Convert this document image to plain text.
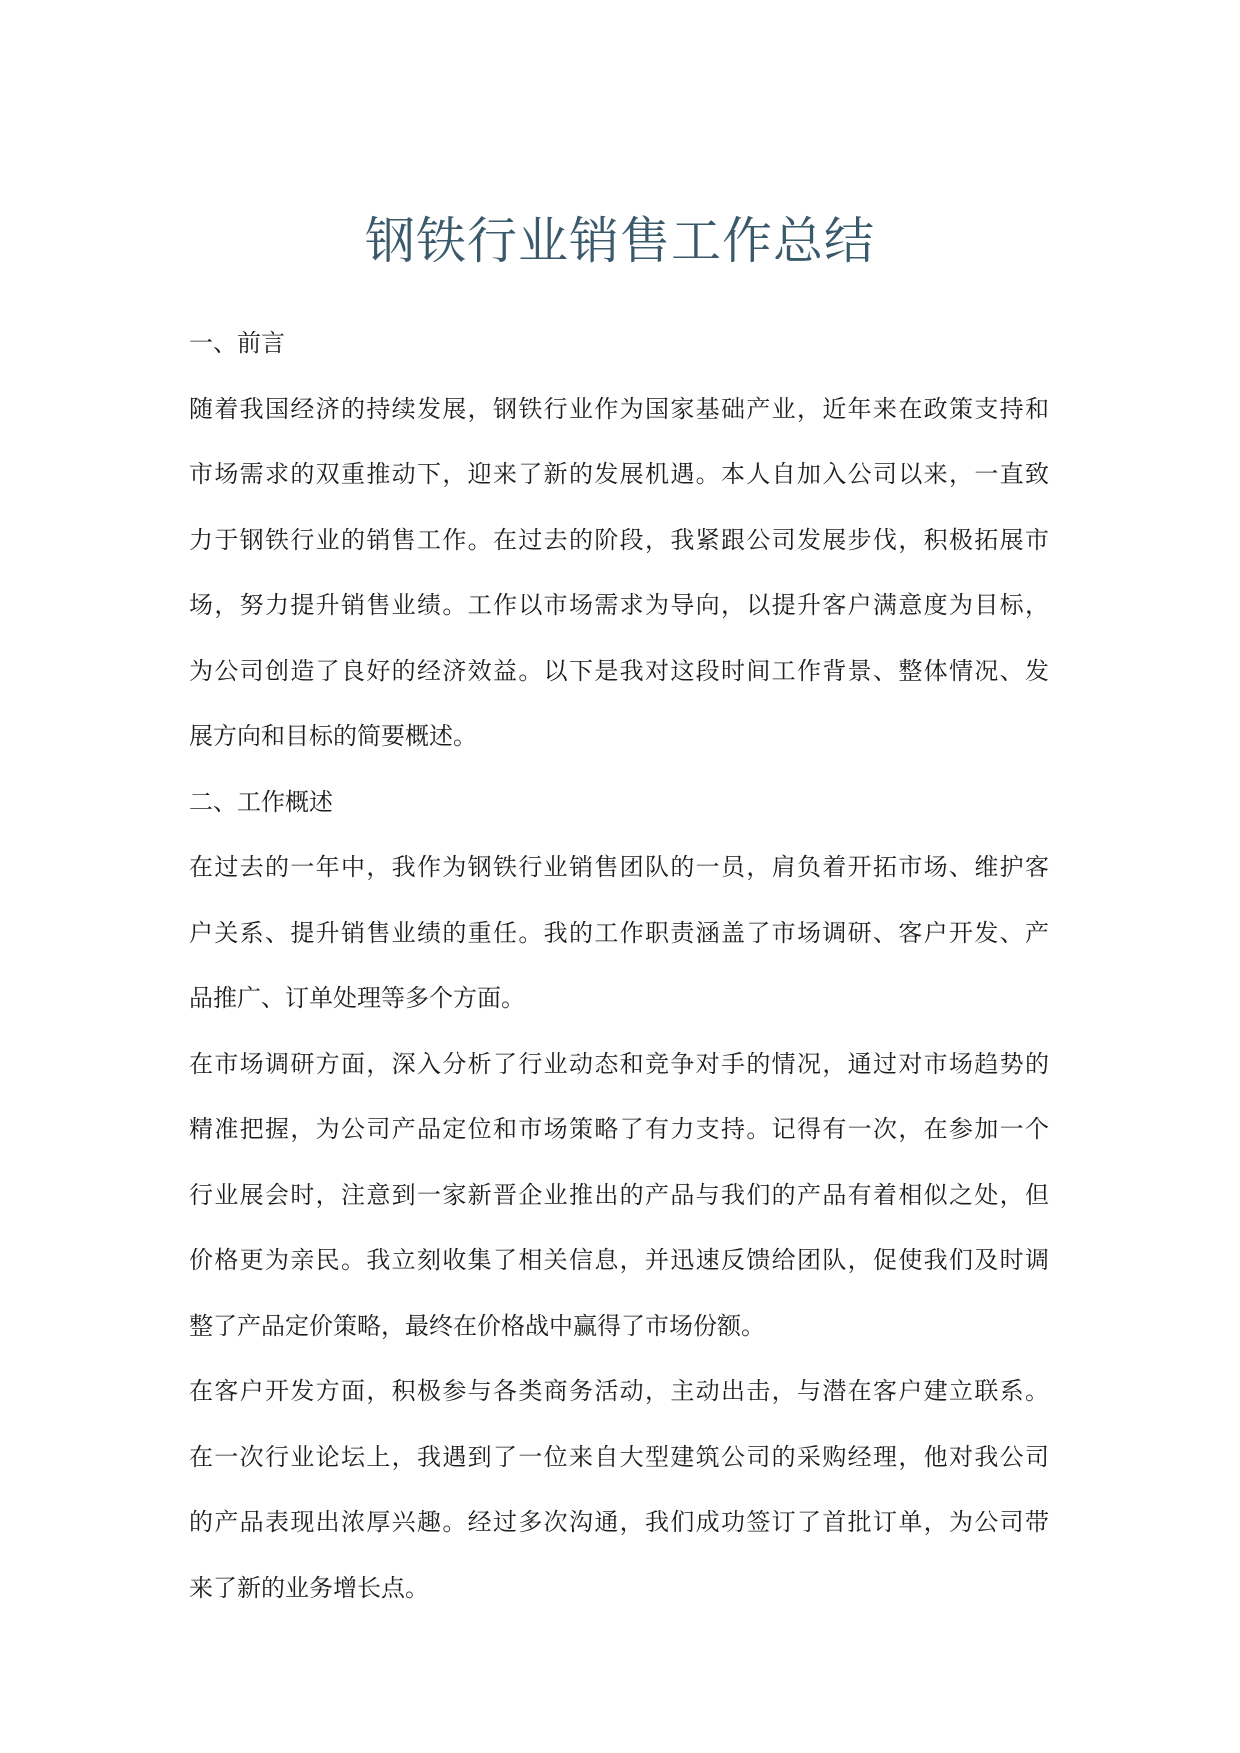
钢铁行业销售工作总结
一、前言
随着我国经济的持续发展，钢铁行业作为国家基础产业，近年来在政策支持和
市场需求的双重推动下，迎来了新的发展机遇。本人自加入公司以来，一直致
力于钢铁行业的销售工作。在过去的阶段，我紧跟公司发展步伐，积极拓展市
场，努力提升销售业绩。工作以市场需求为导向，以提升客户满意度为目标，
为公司创造了良好的经济效益。以下是我对这段时间工作背景、整体情况、发
展方向和目标的简要概述。
二、工作概述
在过去的一年中，我作为钢铁行业销售团队的一员，肩负着开拓市场、维护客
户关系、提升销售业绩的重任。我的工作职责涵盖了市场调研、客户开发、产
品推广、订单处理等多个方面。
在市场调研方面，深入分析了行业动态和竞争对手的情况，通过对市场趋势的
精准把握，为公司产品定位和市场策略了有力支持。记得有一次，在参加一个
行业展会时，注意到一家新晋企业推出的产品与我们的产品有着相似之处，但
价格更为亲民。我立刻收集了相关信息，并迅速反馈给团队，促使我们及时调
整了产品定价策略，最终在价格战中赢得了市场份额。
在客户开发方面，积极参与各类商务活动，主动出击，与潜在客户建立联系。
在一次行业论坛上，我遇到了一位来自大型建筑公司的采购经理，他对我公司
的产品表现出浓厚兴趣。经过多次沟通，我们成功签订了首批订单，为公司带
来了新的业务增长点。
